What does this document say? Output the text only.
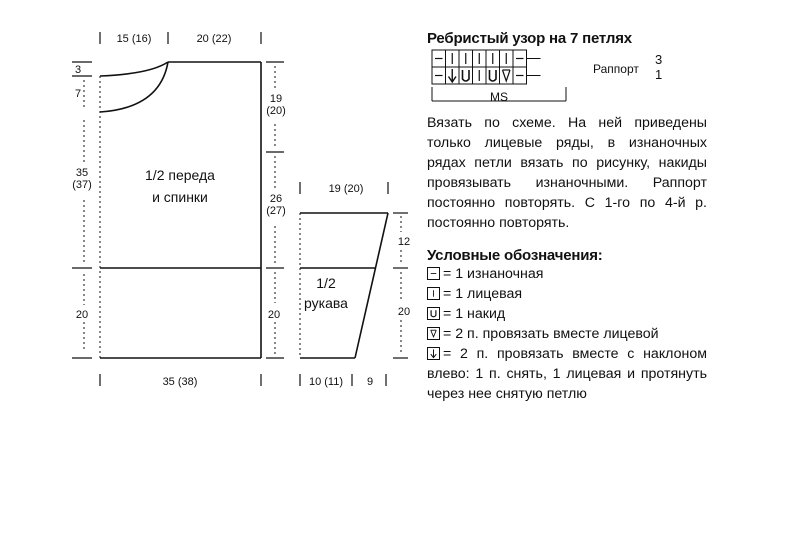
15 (16)	20 (22)
3
7
35 (37)
20
19 (20)
26 (27)
20
35 (38)
1/2 переда
и спинки	19 (20)
12
20
10 (11) 9
1/2
рукава
Ребристый узор на 7 петлях
MS
Раппорт
3
1

Вязать по схеме. На ней приведены только лицевые ряды, в изнаночных рядах петли вязать по рисунку, накиды провязывать изнаночными. Раппорт постоянно повторять. С 1-го по 4-й р. постоянно повторять.

Условные обозначения:
= 1 изнаночная
= 1 лицевая
= 1 накид
= 2 п. провязать вместе лицевой
= 2 п. провязать вместе с наклоном влево: 1 п. снять, 1 лицевая и протянуть через нее снятую петлю
